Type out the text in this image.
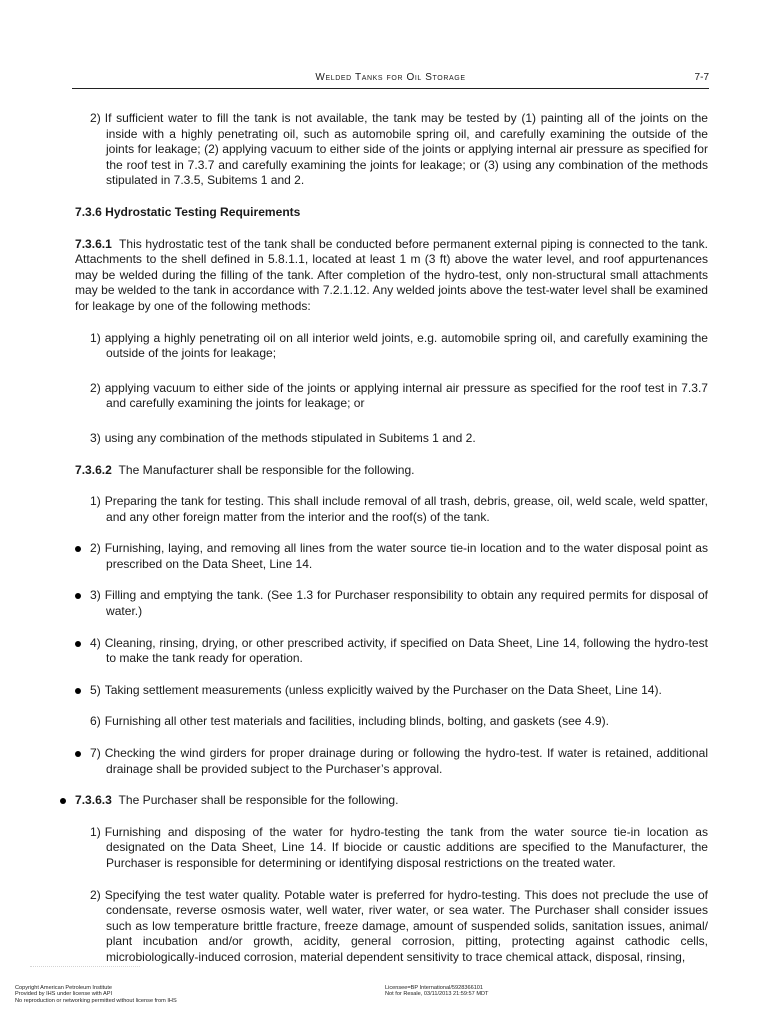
Welded Tanks for Oil Storage	7-7

2) If sufficient water to fill the tank is not available, the tank may be tested by (1) painting all of the joints on the inside with a highly penetrating oil, such as automobile spring oil, and carefully examining the outside of the joints for leakage; (2) applying vacuum to either side of the joints or applying internal air pressure as specified for the roof test in 7.3.7 and carefully examining the joints for leakage; or (3) using any combination of the methods stipulated in 7.3.5, Subitems 1 and 2.

7.3.6 Hydrostatic Testing Requirements

7.3.6.1 This hydrostatic test of the tank shall be conducted before permanent external piping is connected to the tank. Attachments to the shell defined in 5.8.1.1, located at least 1 m (3 ft) above the water level, and roof appurtenances may be welded during the filling of the tank. After completion of the hydro-test, only non-structural small attachments may be welded to the tank in accordance with 7.2.1.12. Any welded joints above the test-water level shall be examined for leakage by one of the following methods:

1) applying a highly penetrating oil on all interior weld joints, e.g. automobile spring oil, and carefully examining the outside of the joints for leakage;

2) applying vacuum to either side of the joints or applying internal air pressure as specified for the roof test in 7.3.7 and carefully examining the joints for leakage; or

3) using any combination of the methods stipulated in Subitems 1 and 2.

7.3.6.2 The Manufacturer shall be responsible for the following.

1) Preparing the tank for testing. This shall include removal of all trash, debris, grease, oil, weld scale, weld spatter, and any other foreign matter from the interior and the roof(s) of the tank.

2) Furnishing, laying, and removing all lines from the water source tie-in location and to the water disposal point as prescribed on the Data Sheet, Line 14.

3) Filling and emptying the tank. (See 1.3 for Purchaser responsibility to obtain any required permits for disposal of water.)

4) Cleaning, rinsing, drying, or other prescribed activity, if specified on Data Sheet, Line 14, following the hydro-test to make the tank ready for operation.

5) Taking settlement measurements (unless explicitly waived by the Purchaser on the Data Sheet, Line 14).

6) Furnishing all other test materials and facilities, including blinds, bolting, and gaskets (see 4.9).

7) Checking the wind girders for proper drainage during or following the hydro-test. If water is retained, additional drainage shall be provided subject to the Purchaser’s approval.

7.3.6.3 The Purchaser shall be responsible for the following.

1) Furnishing and disposing of the water for hydro-testing the tank from the water source tie-in location as designated on the Data Sheet, Line 14. If biocide or caustic additions are specified to the Manufacturer, the Purchaser is responsible for determining or identifying disposal restrictions on the treated water.

2) Specifying the test water quality. Potable water is preferred for hydro-testing. This does not preclude the use of condensate, reverse osmosis water, well water, river water, or sea water. The Purchaser shall consider issues such as low temperature brittle fracture, freeze damage, amount of suspended solids, sanitation issues, animal/ plant incubation and/or growth, acidity, general corrosion, pitting, protecting against cathodic cells, microbiologically-induced corrosion, material dependent sensitivity to trace chemical attack, disposal, rinsing,

Copyright American Petroleum Institute
Provided by IHS under license with API
No reproduction or networking permitted without license from IHS
Licensee=BP International/5928366101
Not for Resale, 03/11/2013 21:59:57 MDT
